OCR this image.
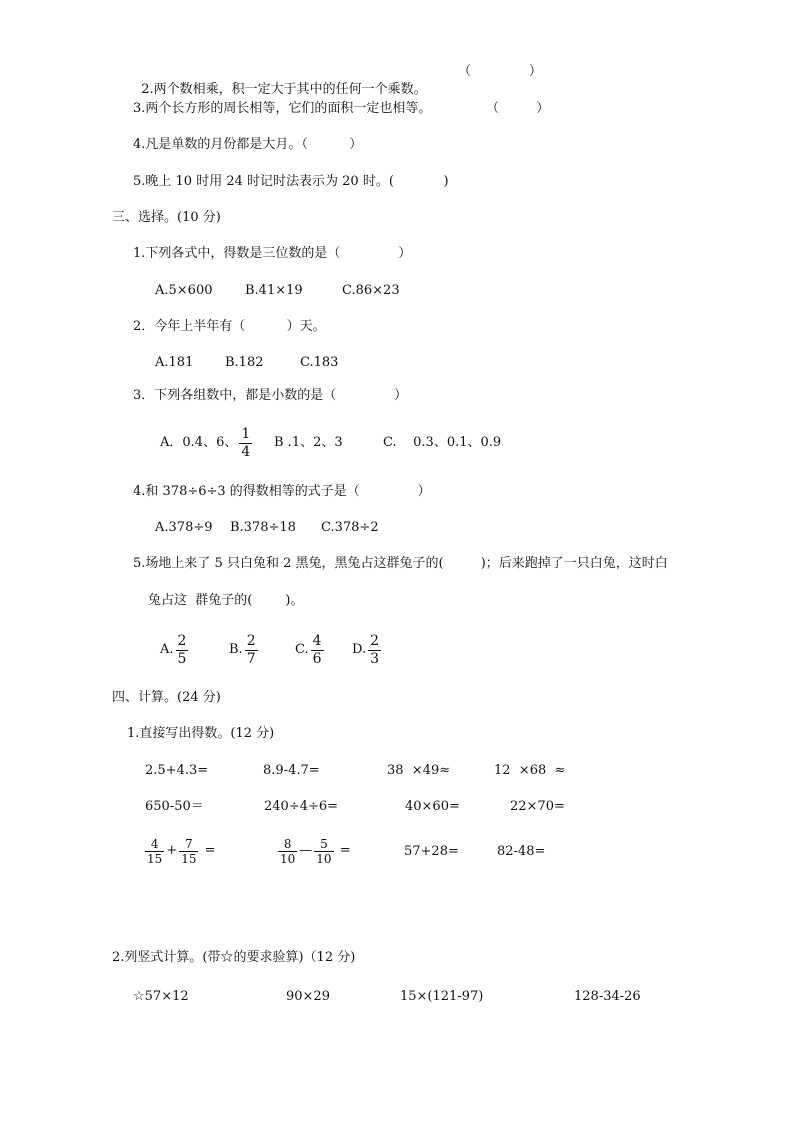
2.两个数相乘，积一定大于其中的任何一个乘数。

（              ）
3.两个长方形的周长相等，它们的面积一定也相等。	（         ）
4.凡是单数的月份都是大月。（          ）
5.晚上 10 时用 24 时记时法表示为 20 时。(            )
三、选择。(10 分)
1.下列各式中，得数是三位数的是（              ）
A.5×600	B.41×19	C.86×23
2．今年上半年有（          ）天。
A.181 B.182	C.183
3．下列各组数中，都是小数的是（              ）
A．0.4、6、 $\frac{1}{4}$ B .1、2、3	C.    0.3、0.1、0.9
4.和 378÷6÷3 的得数相等的式子是（              ）
A.378÷9 B.378÷18 C.378÷2
5.场地上来了 5 只白兔和 2 黑兔，黑兔占这群兔子的(         )；后来跑掉了一只白兔，这时白
兔占这  群兔子的(        )。
A. $\frac{2}{5}$	B. $\frac{2}{7}$	C. $\frac{4}{6} D$. $\frac{2}{3}$
四、计算。(24 分)
1.直接写出得数。(12 分)
2.5+4.3=	8.9-4.7=	38  ×49≈	12  ×68  ≈
650-50＝	240÷4÷6=	40×60=	22×70=
$\frac{4}{15} + \frac{7}{15}$ =	$\frac{8}{10}$ — $\frac{5}{10}$ =	57+28=	82-48=
2.列竖式计算。(带☆的要求验算)（12 分)
☆57×12	90×29	15×(121-97)	128-34-26
